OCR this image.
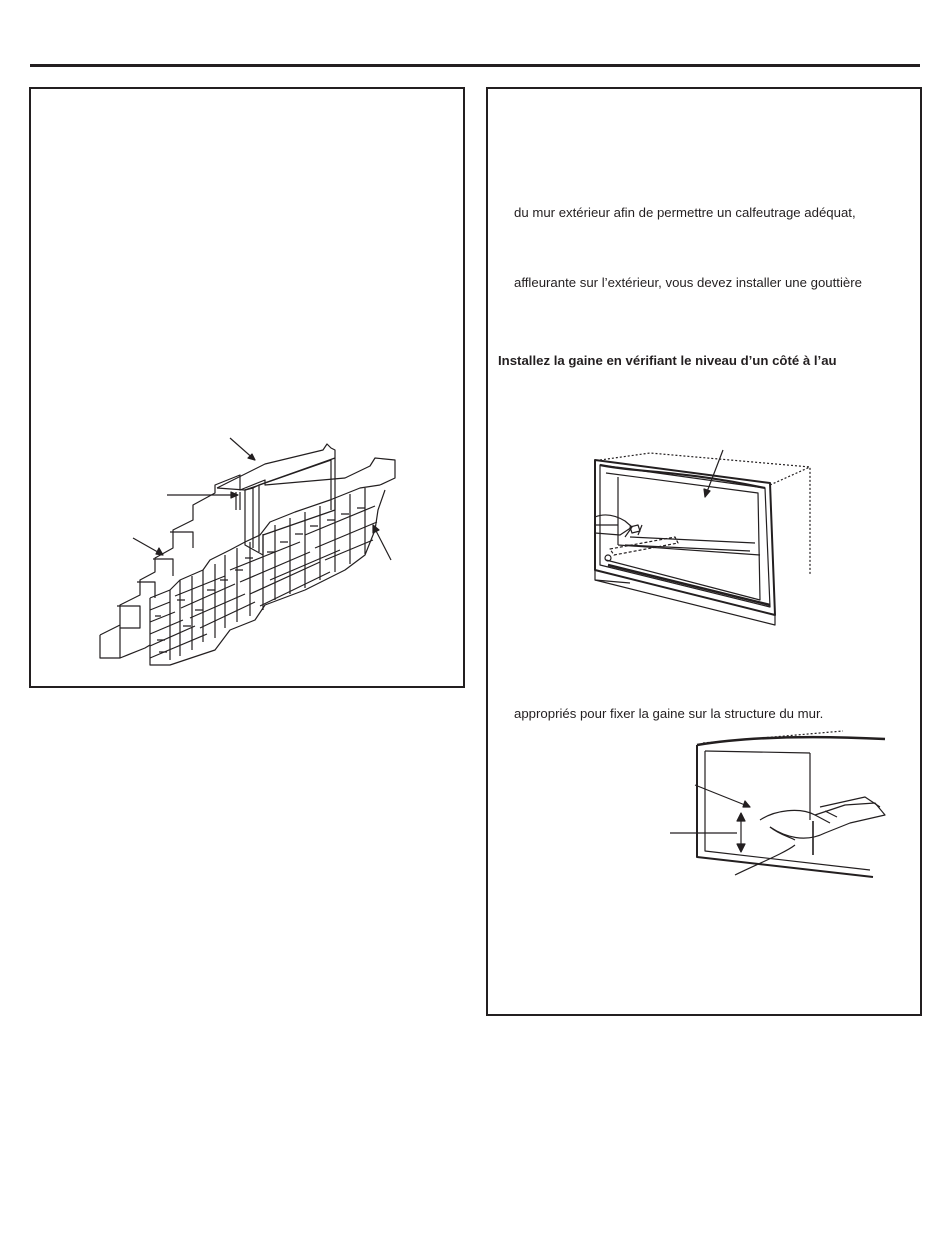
du mur extérieur afin de permettre un calfeutrage adéquat,
affleurante sur l’extérieur, vous devez installer une gouttière
Installez la gaine en vérifiant le niveau d’un côté à l’au
appropriés pour fixer la gaine sur la structure du mur.
